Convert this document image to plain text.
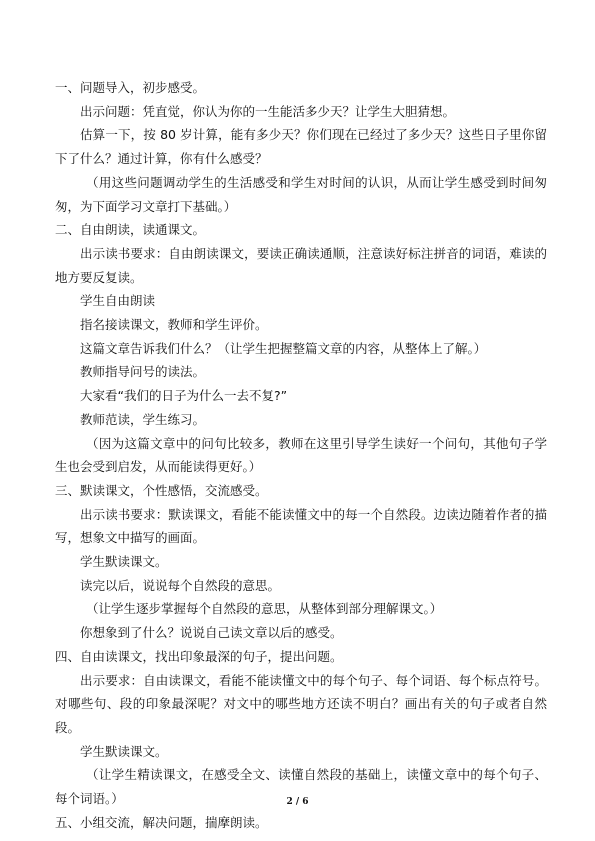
一、问题导入，初步感受。

出示问题：凭直觉，你认为你的一生能活多少天？让学生大胆猜想。

估算一下，按 80 岁计算，能有多少天？你们现在已经过了多少天？这些日子里你留下了什么？通过计算，你有什么感受？

（用这些问题调动学生的生活感受和学生对时间的认识，从而让学生感受到时间匆匆，为下面学习文章打下基础。）

二、自由朗读，读通课文。

出示读书要求：自由朗读课文，要读正确读通顺，注意读好标注拼音的词语，难读的地方要反复读。

学生自由朗读

指名接读课文，教师和学生评价。

这篇文章告诉我们什么？（让学生把握整篇文章的内容，从整体上了解。）

教师指导问号的读法。

大家看“我们的日子为什么一去不复?”

教师范读，学生练习。

（因为这篇文章中的问句比较多，教师在这里引导学生读好一个问句，其他句子学生也会受到启发，从而能读得更好。）

三、默读课文，个性感悟，交流感受。

出示读书要求：默读课文，看能不能读懂文中的每一个自然段。边读边随着作者的描写，想象文中描写的画面。

学生默读课文。

读完以后，说说每个自然段的意思。

（让学生逐步掌握每个自然段的意思，从整体到部分理解课文。）

你想象到了什么？说说自己读文章以后的感受。

四、自由读课文，找出印象最深的句子，提出问题。

出示要求：自由读课文，看能不能读懂文中的每个句子、每个词语、每个标点符号。对哪些句、段的印象最深呢？对文中的哪些地方还读不明白？画出有关的句子或者自然段。

学生默读课文。

（让学生精读课文，在感受全文、读懂自然段的基础上，读懂文章中的每个句子、每个词语。）

五、小组交流，解决问题，揣摩朗读。

2 / 6
